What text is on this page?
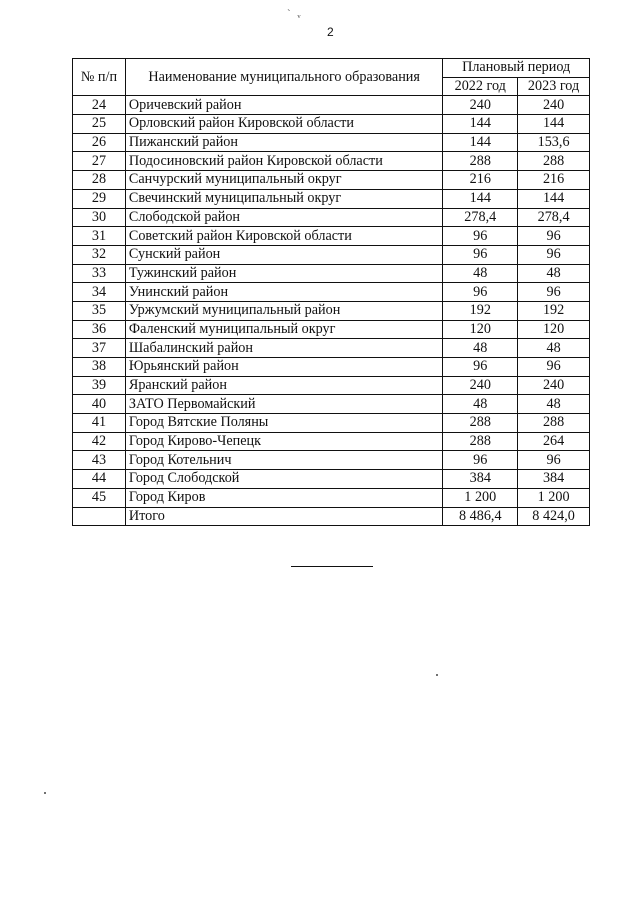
` ᵥ
2
№ п/п	Наименование муниципального образования	Плановый период	
		2022 год	2023 год
24	Оричевский район	240	240
25	Орловский район Кировской области	144	144
26	Пижанский район	144	153,6
27	Подосиновский район Кировской области	288	288
28	Санчурский муниципальный округ	216	216
29	Свечинский муниципальный округ	144	144
30	Слободской район	278,4	278,4
31	Советский район Кировской области	96	96
32	Сунский район	96	96
33	Тужинский район	48	48
34	Унинский район	96	96
35	Уржумский муниципальный район	192	192
36	Фаленский муниципальный округ	120	120
37	Шабалинский район	48	48
38	Юрьянский район	96	96
39	Яранский район	240	240
40	ЗАТО Первомайский	48	48
41	Город Вятские Поляны	288	288
42	Город Кирово-Чепецк	288	264
43	Город Котельнич	96	96
44	Город Слободской	384	384
45	Город Киров	1 200	1 200
	Итого	8 486,4	8 424,0
